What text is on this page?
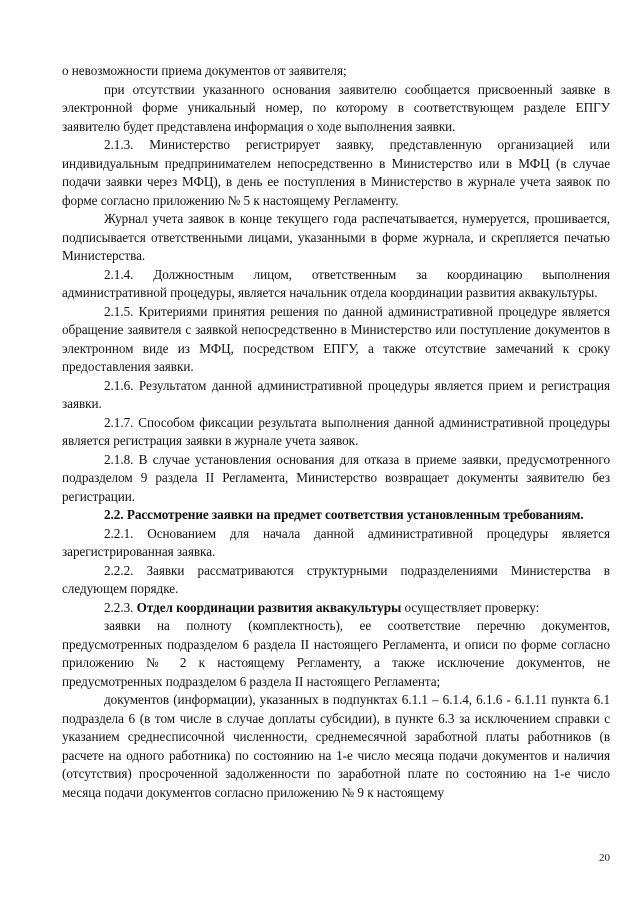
о невозможности приема документов от заявителя;

при отсутствии указанного основания заявителю сообщается присвоенный заявке в электронной форме уникальный номер, по которому в соответствующем разделе ЕПГУ заявителю будет представлена информация о ходе выполнения заявки.

2.1.3. Министерство регистрирует заявку, представленную организацией или индивидуальным предпринимателем непосредственно в Министерство или в МФЦ (в случае подачи заявки через МФЦ), в день ее поступления в Министерство в журнале учета заявок по форме согласно приложению № 5 к настоящему Регламенту.

Журнал учета заявок в конце текущего года распечатывается, нумеруется, прошивается, подписывается ответственными лицами, указанными в форме журнала, и скрепляется печатью Министерства.

2.1.4. Должностным лицом, ответственным за координацию выполнения административной процедуры, является начальник отдела координации развития аквакультуры.

2.1.5. Критериями принятия решения по данной административной процедуре является обращение заявителя с заявкой непосредственно в Министерство или поступление документов в электронном виде из МФЦ, посредством ЕПГУ, а также отсутствие замечаний к сроку предоставления заявки.

2.1.6. Результатом данной административной процедуры является прием и регистрация заявки.

2.1.7. Способом фиксации результата выполнения данной административной процедуры является регистрация заявки в журнале учета заявок.

2.1.8. В случае установления основания для отказа в приеме заявки, предусмотренного подразделом 9 раздела II Регламента, Министерство возвращает документы заявителю без регистрации.

2.2. Рассмотрение заявки на предмет соответствия установленным требованиям.

2.2.1. Основанием для начала данной административной процедуры является зарегистрированная заявка.

2.2.2. Заявки рассматриваются структурными подразделениями Министерства в следующем порядке.

2.2.3. Отдел координации развития аквакультуры осуществляет проверку:

заявки на полноту (комплектность), ее соответствие перечню документов, предусмотренных подразделом 6 раздела II настоящего Регламента, и описи по форме согласно приложению № 2 к настоящему Регламенту, а также исключение документов, не предусмотренных подразделом 6 раздела II настоящего Регламента;

документов (информации), указанных в подпунктах 6.1.1 – 6.1.4, 6.1.6 - 6.1.11 пункта 6.1 подраздела 6 (в том числе в случае доплаты субсидии), в пункте 6.3 за исключением справки с указанием среднесписочной численности, среднемесячной заработной платы работников (в расчете на одного работника) по состоянию на 1-е число месяца подачи документов и наличия (отсутствия) просроченной задолженности по заработной плате по состоянию на 1-е число месяца подачи документов согласно приложению № 9 к настоящему

20
